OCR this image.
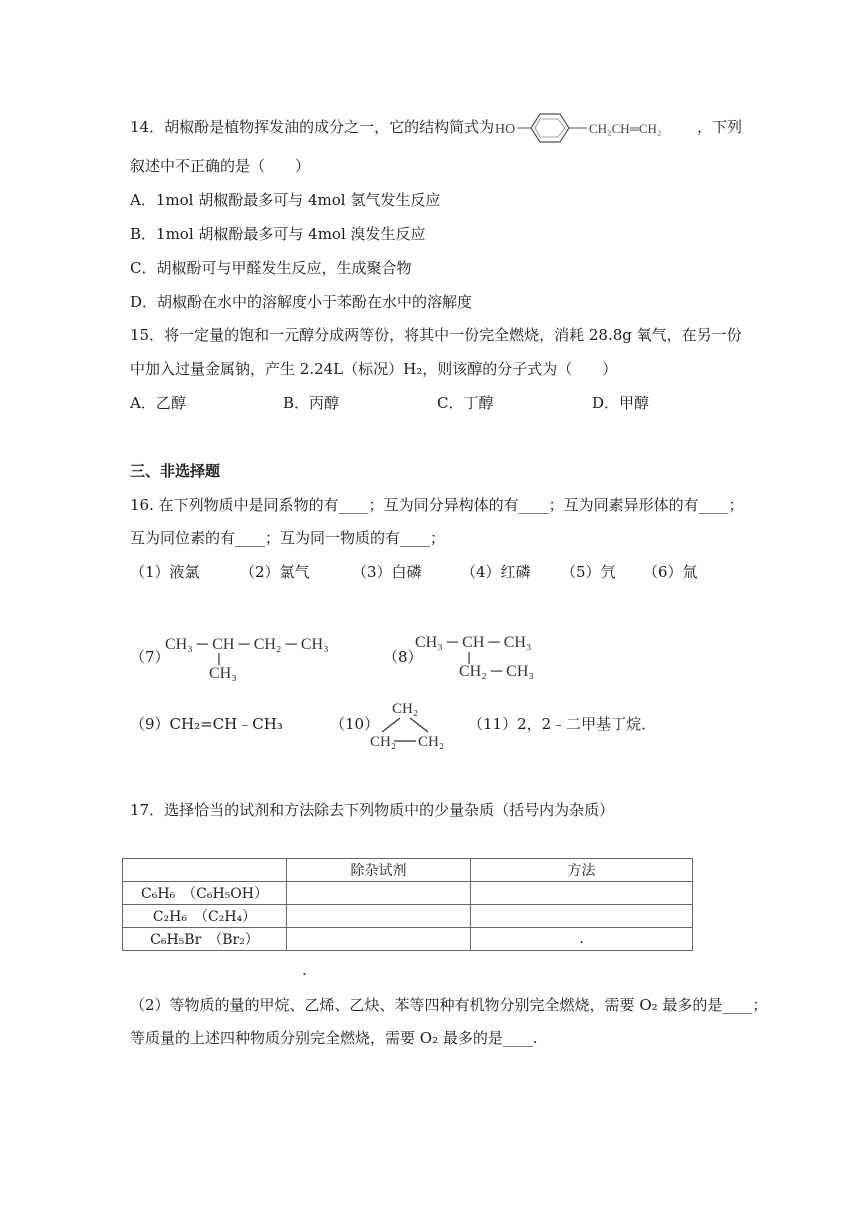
14．胡椒酚是植物挥发油的成分之一，它的结构简式为 HO	CH₂CH═CH₂ ，下列
叙述中不正确的是（　　）
A．1mol 胡椒酚最多可与 4mol 氢气发生反应
B．1mol 胡椒酚最多可与 4mol 溴发生反应
C．胡椒酚可与甲醛发生反应，生成聚合物
D．胡椒酚在水中的溶解度小于苯酚在水中的溶解度
15．将一定量的饱和一元醇分成两等份，将其中一份完全燃烧，消耗 28.8g 氧气，在另一份
中加入过量金属钠，产生 2.24L（标况）H₂，则该醇的分子式为（　　）
A．乙醇	B．丙醇	C．丁醇	D．甲醇
三、非选择题
16. 在下列物质中是同系物的有____；互为同分异构体的有____；互为同素异形体的有____；
互为同位素的有____；互为同一物质的有____；
（1）液氯	（2）氯气	（3）白磷	（4）红磷 （5）氕 （6）氚
（7）
CH₃ ─ CH ─ CH₂ ─ CH₃
CH₃
（8）
CH₃ ─ CH ─ CH₃
CH₂ ─ CH₃
（9）CH₂=CH﹣CH₃	（10）
CH₂
CH₂ CH₂
（11）2，2﹣二甲基丁烷．
17．选择恰当的试剂和方法除去下列物质中的少量杂质（括号内为杂质）
	除杂试剂	方法
C₆H₆　（C₆H₅OH）		
C₂H₆　（C₂H₄）		
C₆H₅Br　（Br₂）		.
.
（2）等物质的量的甲烷、乙烯、乙炔、苯等四种有机物分别完全燃烧，需要 O₂ 最多的是____；
等质量的上述四种物质分别完全燃烧，需要 O₂ 最多的是____.
